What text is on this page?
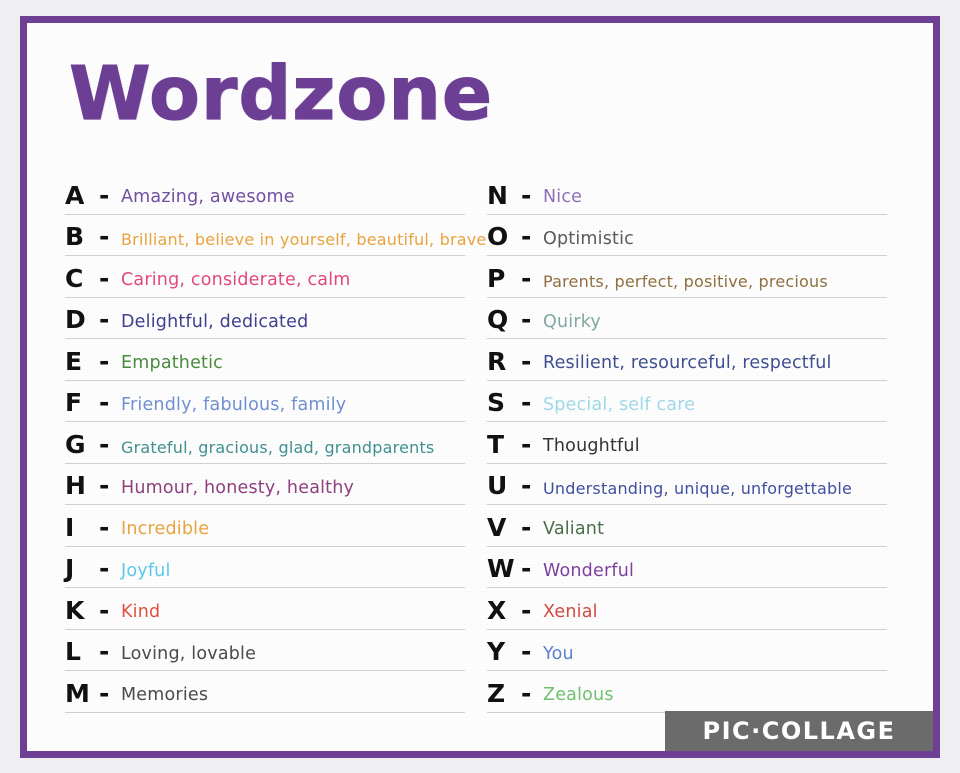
Wordzone
A - Amazing, awesome
B - Brilliant, believe in yourself, beautiful, brave
C - Caring, considerate, calm
D - Delightful, dedicated
E - Empathetic
F - Friendly, fabulous, family
G - Grateful, gracious, glad, grandparents
H - Humour, honesty, healthy
I - Incredible
J - Joyful
K - Kind
L - Loving, lovable
M - Memories
N - Nice
O - Optimistic
P - Parents, perfect, positive, precious
Q - Quirky
R - Resilient, resourceful, respectful
S - Special, self care
T - Thoughtful
U - Understanding, unique, unforgettable
V - Valiant
W - Wonderful
X - Xenial
Y - You
Z - Zealous
PIC·COLLAGE
